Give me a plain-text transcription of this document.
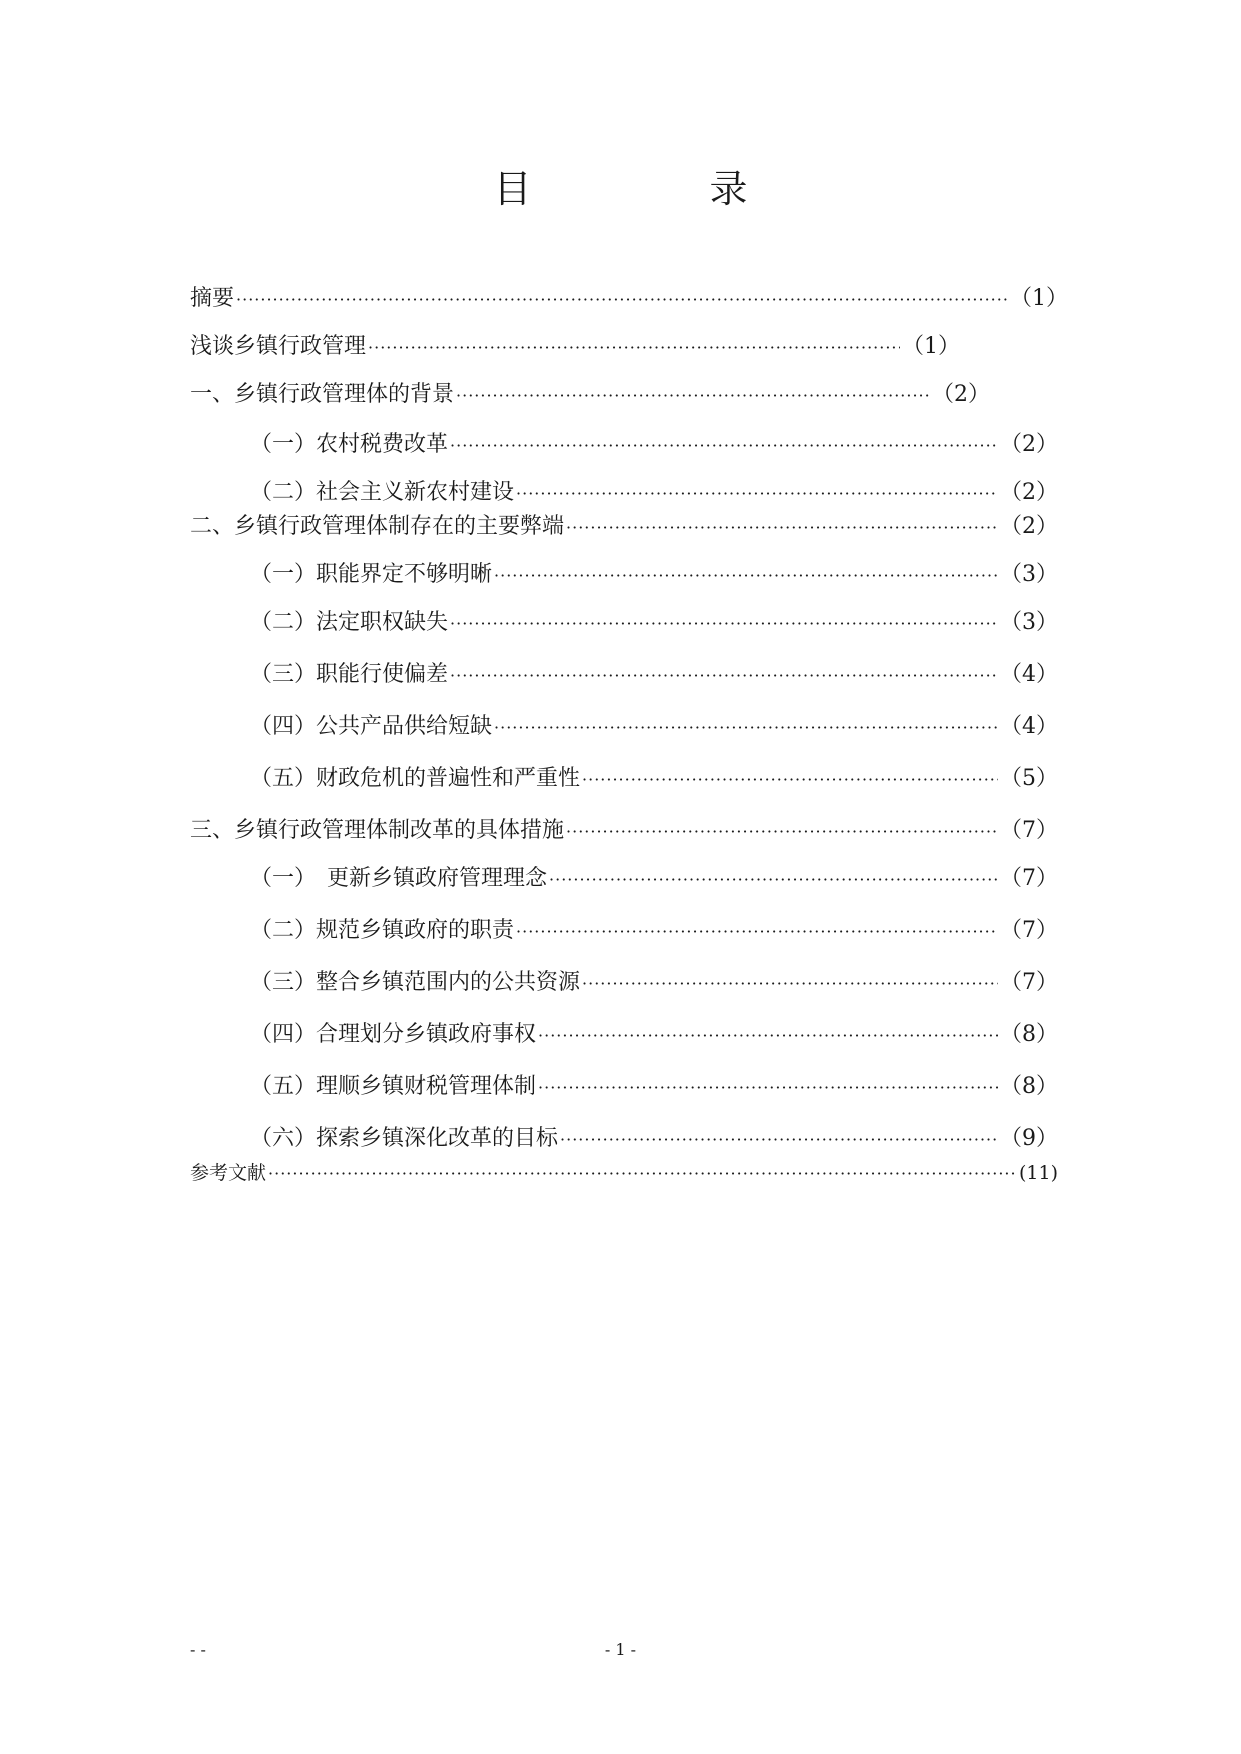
目　录
摘要 ·····	（1）
浅谈乡镇行政管理 ·····	（1）
一、乡镇行政管理体的背景 ·····	（2）
（一）农村税费改革 ·····	（2）
（二）社会主义新农村建设 ·····	（2）
二、乡镇行政管理体制存在的主要弊端 ·····	（2）
（一）职能界定不够明晰 ·····	（3）
（二）法定职权缺失 ·····	（3）
（三）职能行使偏差 ·····	（4）
（四）公共产品供给短缺 ·····	（4）
（五）财政危机的普遍性和严重性 ·····	（5）
三、乡镇行政管理体制改革的具体措施 ·····	（7）
（一）　更新乡镇政府管理理念 ·····	（7）
（二）规范乡镇政府的职责 ·····	（7）
（三）整合乡镇范围内的公共资源 ·····	（7）
（四）合理划分乡镇政府事权 ·····	（8）
（五）理顺乡镇财税管理体制 ·····	（8）
（六）探索乡镇深化改革的目标 ·····	（9）
参考文献 ·····	(11)
- -	- 1 -
